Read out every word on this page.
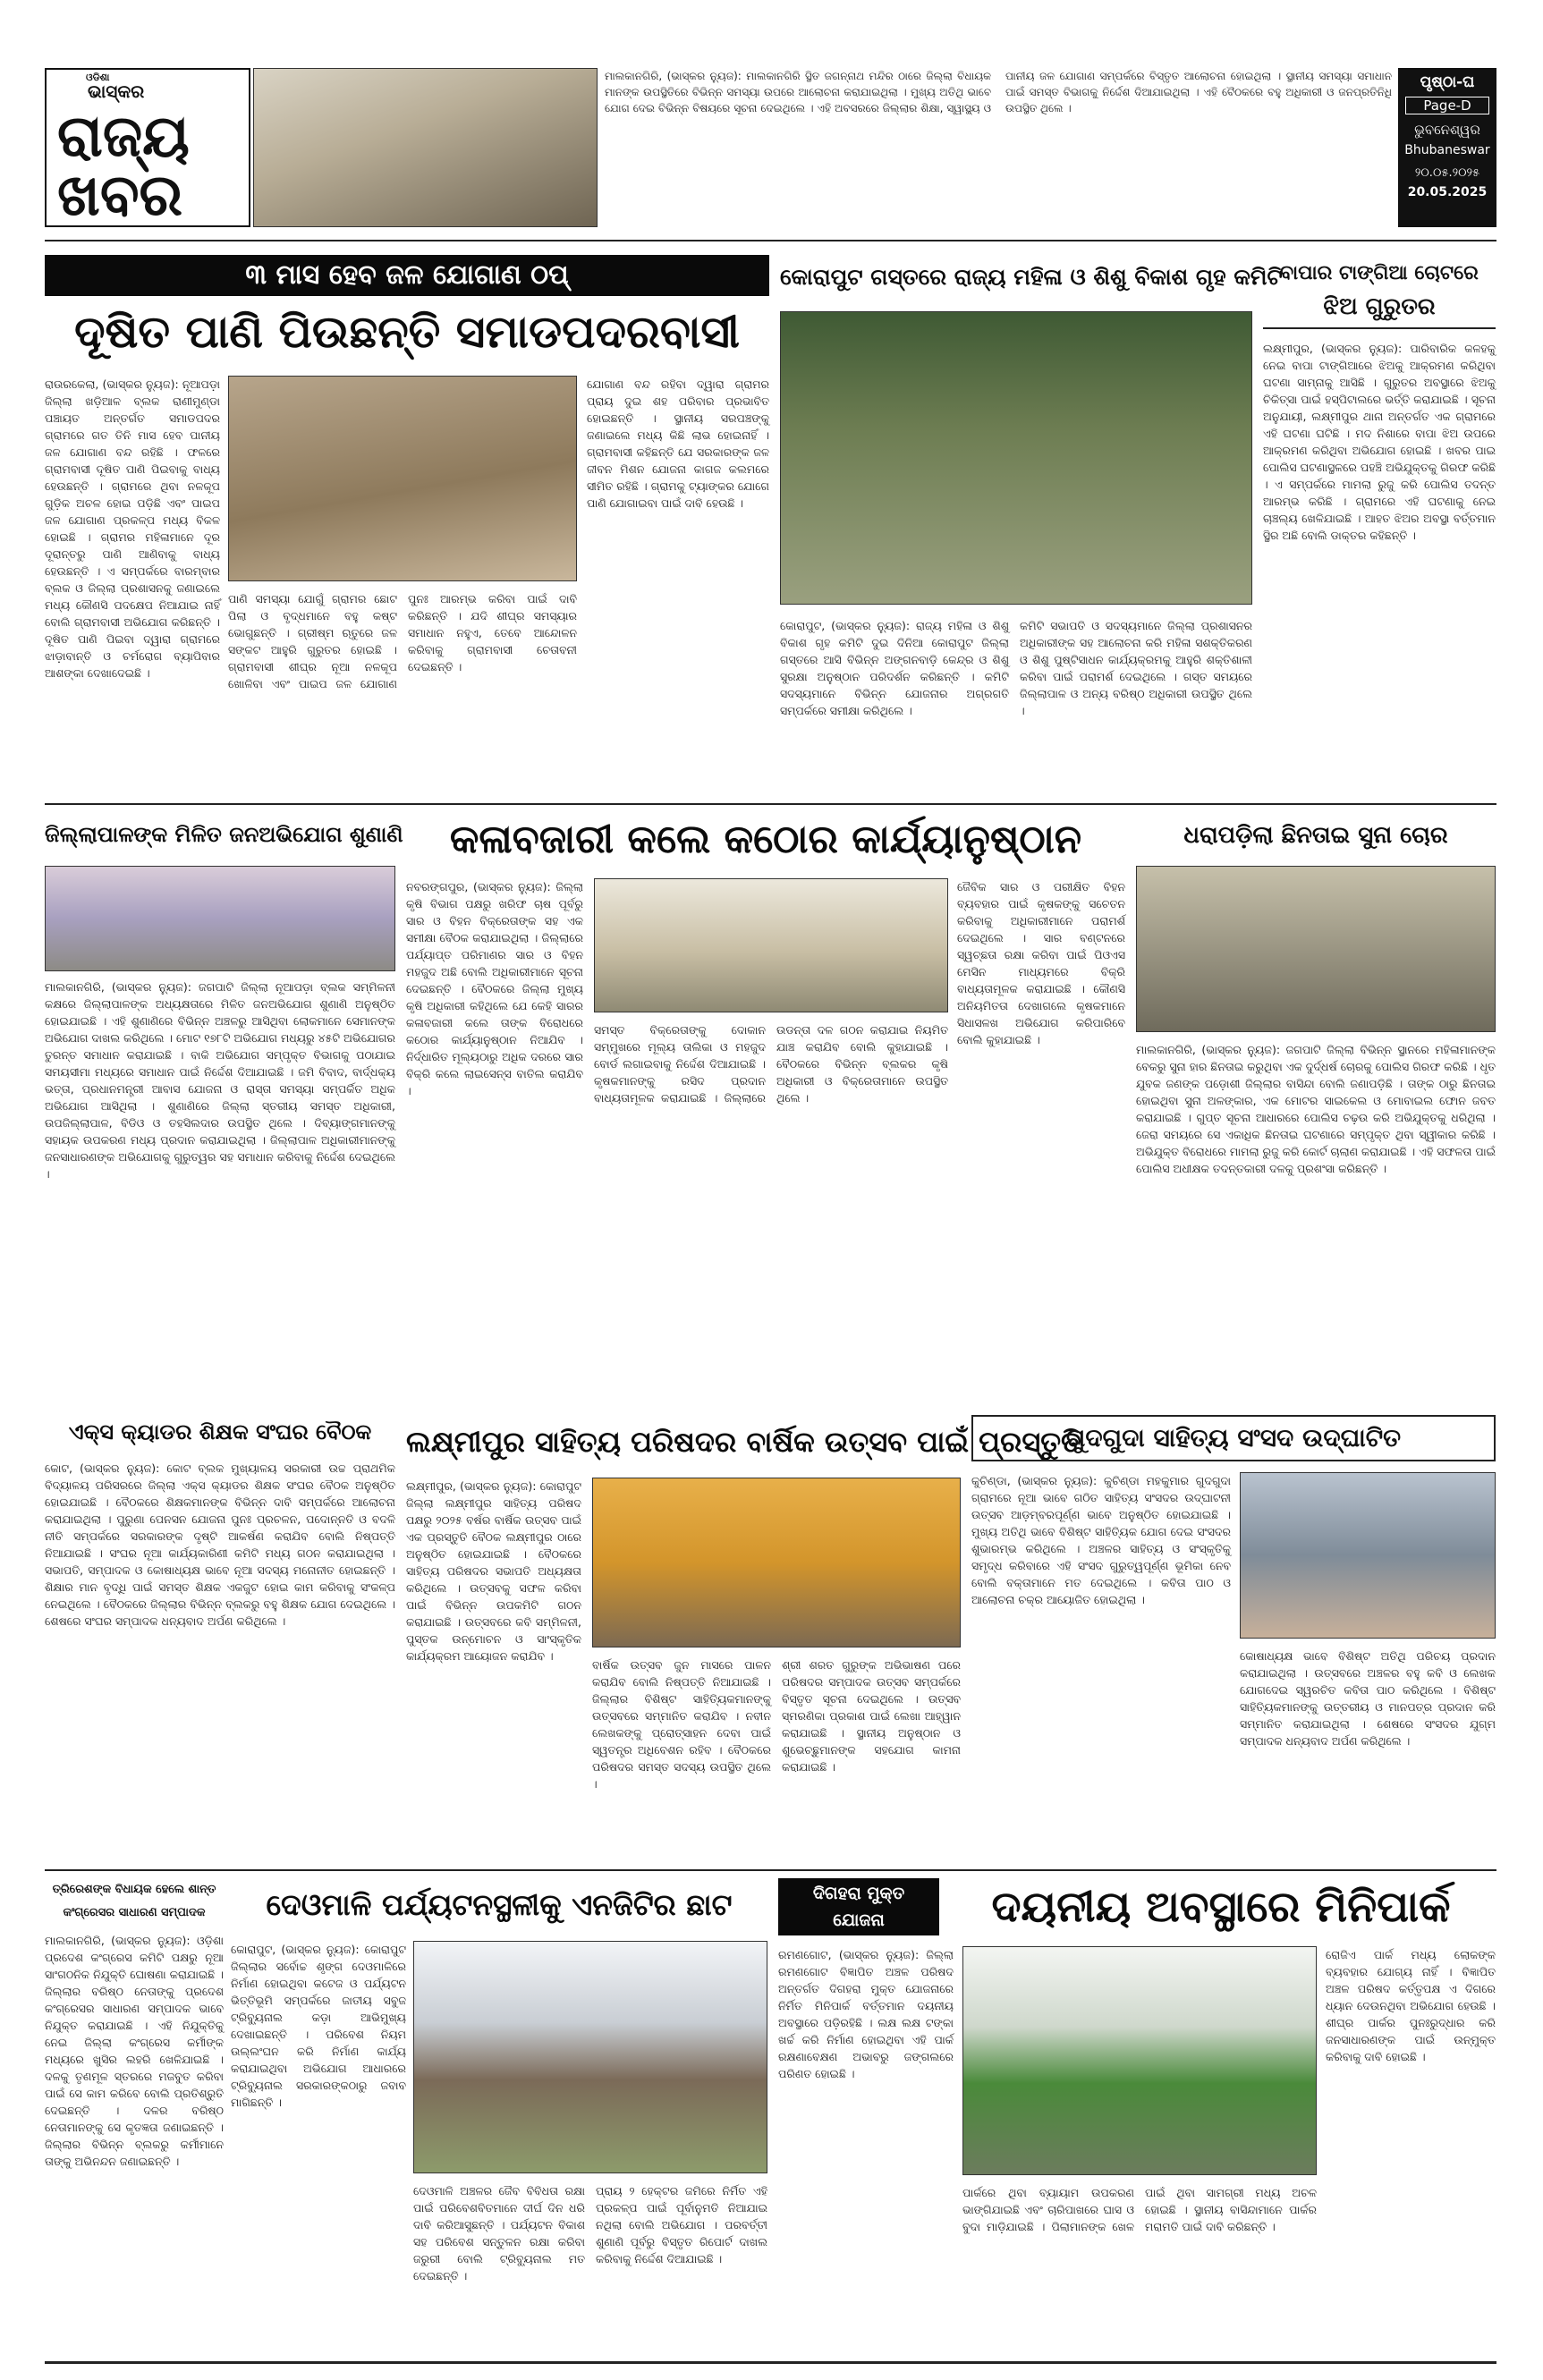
ଓଡିଶା
ଭାସ୍କର
ରାଜ୍ୟ
ଖବର
ମାଲକାନଗିରି, (ଭାସ୍କର ନ୍ୟୁଜ): ମାଲକାନଗିରି ସ୍ଥିତ ଜଗନ୍ନାଥ ମନ୍ଦିର ଠାରେ ଜିଲ୍ଲା ବିଧାୟକ ମାନଙ୍କ ଉପସ୍ଥିତିରେ ବିଭିନ୍ନ ସମସ୍ୟା ଉପରେ ଆଲୋଚନା କରାଯାଇଥିଲା । ମୁଖ୍ୟ ଅତିଥି ଭାବେ ଯୋଗ ଦେଇ ବିଭିନ୍ନ ବିଷୟରେ ସୂଚନା ଦେଇଥିଲେ । ଏହି ଅବସରରେ ଜିଲ୍ଲାର ଶିକ୍ଷା, ସ୍ୱାସ୍ଥ୍ୟ ଓ ପାନୀୟ ଜଳ ଯୋଗାଣ ସମ୍ପର୍କରେ ବିସ୍ତୃତ ଆଲୋଚନା ହୋଇଥିଲା । ସ୍ଥାନୀୟ ସମସ୍ୟା ସମାଧାନ ପାଇଁ ସମସ୍ତ ବିଭାଗକୁ ନିର୍ଦ୍ଦେଶ ଦିଆଯାଇଥିଲା । ଏହି ବୈଠକରେ ବହୁ ଅଧିକାରୀ ଓ ଜନପ୍ରତିନିଧି ଉପସ୍ଥିତ ଥିଲେ ।
ପୃଷ୍ଠା-ଘ
Page-D
ଭୁବନେଶ୍ୱର
Bhubaneswar
୨୦.୦୫.୨୦୨୫
20.05.2025
୩ ମାସ ହେବ ଜଳ ଯୋଗାଣ ଠପ୍
ଦୂଷିତ ପାଣି ପିଉଛନ୍ତି ସମାଡପଦରବାସୀ
ରାଉରକେଲା, (ଭାସ୍କର ନ୍ୟୁଜ): ନୂଆପଡ଼ା ଜିଲ୍ଲା ଖଡ଼ିଆଳ ବ୍ଲକ ରାଣୀମୁଣ୍ଡା ପଞ୍ଚାୟତ ଅନ୍ତର୍ଗତ ସମାଡପଦର ଗ୍ରାମରେ ଗତ ତିନି ମାସ ହେବ ପାନୀୟ ଜଳ ଯୋଗାଣ ବନ୍ଦ ରହିଛି । ଫଳରେ ଗ୍ରାମବାସୀ ଦୂଷିତ ପାଣି ପିଇବାକୁ ବାଧ୍ୟ ହେଉଛନ୍ତି । ଗ୍ରାମରେ ଥିବା ନଳକୂପ ଗୁଡ଼ିକ ଅଚଳ ହୋଇ ପଡ଼ିଛି ଏବଂ ପାଇପ ଜଳ ଯୋଗାଣ ପ୍ରକଳ୍ପ ମଧ୍ୟ ବିକଳ ହୋଇଛି । ଗ୍ରାମର ମହିଳାମାନେ ଦୂର ଦୂରାନ୍ତରୁ ପାଣି ଆଣିବାକୁ ବାଧ୍ୟ ହେଉଛନ୍ତି । ଏ ସମ୍ପର୍କରେ ବାରମ୍ବାର ବ୍ଲକ ଓ ଜିଲ୍ଲା ପ୍ରଶାସନକୁ ଜଣାଇଲେ ମଧ୍ୟ କୌଣସି ପଦକ୍ଷେପ ନିଆଯାଇ ନାହିଁ ବୋଲି ଗ୍ରାମବାସୀ ଅଭିଯୋଗ କରିଛନ୍ତି । ଦୂଷିତ ପାଣି ପିଇବା ଦ୍ୱାରା ଗ୍ରାମରେ ଝାଡ଼ାବାନ୍ତି ଓ ଚର୍ମରୋଗ ବ୍ୟାପିବାର ଆଶଙ୍କା ଦେଖାଦେଇଛି ।
ପାଣି ସମସ୍ୟା ଯୋଗୁଁ ଗ୍ରାମର ଛୋଟ ପିଲା ଓ ବୃଦ୍ଧମାନେ ବହୁ କଷ୍ଟ ଭୋଗୁଛନ୍ତି । ଗ୍ରୀଷ୍ମ ଋତୁରେ ଜଳ ସଙ୍କଟ ଆହୁରି ଗୁରୁତର ହୋଇଛି । ଗ୍ରାମବାସୀ ଶୀଘ୍ର ନୂଆ ନଳକୂପ ଖୋଳିବା ଏବଂ ପାଇପ ଜଳ ଯୋଗାଣ ପୁନଃ ଆରମ୍ଭ କରିବା ପାଇଁ ଦାବି କରିଛନ୍ତି । ଯଦି ଶୀଘ୍ର ସମସ୍ୟାର ସମାଧାନ ନହୁଏ, ତେବେ ଆନ୍ଦୋଳନ କରିବାକୁ ଗ୍ରାମବାସୀ ଚେତାବନୀ ଦେଇଛନ୍ତି ।
ଯୋଗାଣ ବନ୍ଦ ରହିବା ଦ୍ୱାରା ଗ୍ରାମର ପ୍ରାୟ ଦୁଇ ଶହ ପରିବାର ପ୍ରଭାବିତ ହୋଇଛନ୍ତି । ସ୍ଥାନୀୟ ସରପଞ୍ଚଙ୍କୁ ଜଣାଇଲେ ମଧ୍ୟ କିଛି ଲାଭ ହୋଇନାହିଁ । ଗ୍ରାମବାସୀ କହିଛନ୍ତି ଯେ ସରକାରଙ୍କ ଜଳ ଜୀବନ ମିଶନ ଯୋଜନା କାଗଜ କଲମରେ ସୀମିତ ରହିଛି । ଗ୍ରାମକୁ ଟ୍ୟାଙ୍କର ଯୋଗେ ପାଣି ଯୋଗାଇବା ପାଇଁ ଦାବି ହେଉଛି ।
କୋରାପୁଟ ଗସ୍ତରେ ରାଜ୍ୟ ମହିଳା ଓ ଶିଶୁ ବିକାଶ ଗୃହ କମିଟି
କୋରାପୁଟ, (ଭାସ୍କର ନ୍ୟୁଜ): ରାଜ୍ୟ ମହିଳା ଓ ଶିଶୁ ବିକାଶ ଗୃହ କମିଟି ଦୁଇ ଦିନିଆ କୋରାପୁଟ ଜିଲ୍ଲା ଗସ୍ତରେ ଆସି ବିଭିନ୍ନ ଅଙ୍ଗନବାଡ଼ି କେନ୍ଦ୍ର ଓ ଶିଶୁ ସୁରକ୍ଷା ଅନୁଷ୍ଠାନ ପରିଦର୍ଶନ କରିଛନ୍ତି । କମିଟି ସଦସ୍ୟମାନେ ବିଭିନ୍ନ ଯୋଜନାର ଅଗ୍ରଗତି ସମ୍ପର୍କରେ ସମୀକ୍ଷା କରିଥିଲେ ।
କମିଟି ସଭାପତି ଓ ସଦସ୍ୟମାନେ ଜିଲ୍ଲା ପ୍ରଶାସନର ଅଧିକାରୀଙ୍କ ସହ ଆଲୋଚନା କରି ମହିଳା ସଶକ୍ତିକରଣ ଓ ଶିଶୁ ପୁଷ୍ଟିସାଧନ କାର୍ଯ୍ୟକ୍ରମକୁ ଆହୁରି ଶକ୍ତିଶାଳୀ କରିବା ପାଇଁ ପରାମର୍ଶ ଦେଇଥିଲେ । ଗସ୍ତ ସମୟରେ ଜିଲ୍ଲାପାଳ ଓ ଅନ୍ୟ ବରିଷ୍ଠ ଅଧିକାରୀ ଉପସ୍ଥିତ ଥିଲେ ।
ବାପାର ଟାଙ୍ଗିଆ ଚୋଟରେ
ଝିଅ ଗୁରୁତର
ଲକ୍ଷ୍ମୀପୁର, (ଭାସ୍କର ନ୍ୟୁଜ): ପାରିବାରିକ କଳହକୁ ନେଇ ବାପା ଟାଙ୍ଗିଆରେ ଝିଅକୁ ଆକ୍ରମଣ କରିଥିବା ଘଟଣା ସାମ୍ନାକୁ ଆସିଛି । ଗୁରୁତର ଅବସ୍ଥାରେ ଝିଅକୁ ଚିକିତ୍ସା ପାଇଁ ହସ୍ପିଟାଲରେ ଭର୍ତ୍ତି କରାଯାଇଛି । ସୂଚନା ଅନୁଯାୟୀ, ଲକ୍ଷ୍ମୀପୁର ଥାନା ଅନ୍ତର୍ଗତ ଏକ ଗ୍ରାମରେ ଏହି ଘଟଣା ଘଟିଛି । ମଦ ନିଶାରେ ବାପା ଝିଅ ଉପରେ ଆକ୍ରମଣ କରିଥିବା ଅଭିଯୋଗ ହୋଇଛି । ଖବର ପାଇ ପୋଲିସ ଘଟଣାସ୍ଥଳରେ ପହଞ୍ଚି ଅଭିଯୁକ୍ତକୁ ଗିରଫ କରିଛି । ଏ ସମ୍ପର୍କରେ ମାମଲା ରୁଜୁ କରି ପୋଲିସ ତଦନ୍ତ ଆରମ୍ଭ କରିଛି । ଗ୍ରାମରେ ଏହି ଘଟଣାକୁ ନେଇ ଚାଞ୍ଚଲ୍ୟ ଖେଳିଯାଇଛି । ଆହତ ଝିଅର ଅବସ୍ଥା ବର୍ତ୍ତମାନ ସ୍ଥିର ଅଛି ବୋଲି ଡାକ୍ତର କହିଛନ୍ତି ।
ଜିଲ୍ଲାପାଳଙ୍କ ମିଳିତ ଜନଅଭିଯୋଗ ଶୁଣାଣି
ମାଲକାନଗିରି, (ଭାସ୍କର ନ୍ୟୁଜ): ଜଗପାଟି ଜିଲ୍ଲା ନୂଆପଡ଼ା ବ୍ଲକ ସମ୍ମିଳନୀ କକ୍ଷରେ ଜିଲ୍ଲାପାଳଙ୍କ ଅଧ୍ୟକ୍ଷତାରେ ମିଳିତ ଜନଅଭିଯୋଗ ଶୁଣାଣି ଅନୁଷ୍ଠିତ ହୋଇଯାଇଛି । ଏହି ଶୁଣାଣିରେ ବିଭିନ୍ନ ଅଞ୍ଚଳରୁ ଆସିଥିବା ଲୋକମାନେ ସେମାନଙ୍କ ଅଭିଯୋଗ ଦାଖଲ କରିଥିଲେ । ମୋଟ ୧୭୮ଟି ଅଭିଯୋଗ ମଧ୍ୟରୁ ୪୫ଟି ଅଭିଯୋଗର ତୁରନ୍ତ ସମାଧାନ କରାଯାଇଛି । ବାକି ଅଭିଯୋଗ ସମ୍ପୃକ୍ତ ବିଭାଗକୁ ପଠାଯାଇ ସମୟସୀମା ମଧ୍ୟରେ ସମାଧାନ ପାଇଁ ନିର୍ଦ୍ଦେଶ ଦିଆଯାଇଛି । ଜମି ବିବାଦ, ବାର୍ଦ୍ଧକ୍ୟ ଭତ୍ତା, ପ୍ରଧାନମନ୍ତ୍ରୀ ଆବାସ ଯୋଜନା ଓ ରାସ୍ତା ସମସ୍ୟା ସମ୍ପର୍କିତ ଅଧିକ ଅଭିଯୋଗ ଆସିଥିଲା । ଶୁଣାଣିରେ ଜିଲ୍ଲା ସ୍ତରୀୟ ସମସ୍ତ ଅଧିକାରୀ, ଉପଜିଲ୍ଲାପାଳ, ବିଡିଓ ଓ ତହସିଲଦାର ଉପସ୍ଥିତ ଥିଲେ । ଦିବ୍ୟାଙ୍ଗମାନଙ୍କୁ ସହାୟକ ଉପକରଣ ମଧ୍ୟ ପ୍ରଦାନ କରାଯାଇଥିଲା । ଜିଲ୍ଲାପାଳ ଅଧିକାରୀମାନଙ୍କୁ ଜନସାଧାରଣଙ୍କ ଅଭିଯୋଗକୁ ଗୁରୁତ୍ୱର ସହ ସମାଧାନ କରିବାକୁ ନିର୍ଦ୍ଦେଶ ଦେଇଥିଲେ ।
କଳାବଜାରୀ କଲେ କଠୋର କାର୍ଯ୍ୟାନୁଷ୍ଠାନ
ନବରଙ୍ଗପୁର, (ଭାସ୍କର ନ୍ୟୁଜ): ଜିଲ୍ଲା କୃଷି ବିଭାଗ ପକ୍ଷରୁ ଖରିଫ ଚାଷ ପୂର୍ବରୁ ସାର ଓ ବିହନ ବିକ୍ରେତାଙ୍କ ସହ ଏକ ସମୀକ୍ଷା ବୈଠକ କରାଯାଇଥିଲା । ଜିଲ୍ଲାରେ ପର୍ଯ୍ୟାପ୍ତ ପରିମାଣର ସାର ଓ ବିହନ ମହଜୁଦ ଅଛି ବୋଲି ଅଧିକାରୀମାନେ ସୂଚନା ଦେଇଛନ୍ତି । ବୈଠକରେ ଜିଲ୍ଲା ମୁଖ୍ୟ କୃଷି ଅଧିକାରୀ କହିଥିଲେ ଯେ କେହି ସାରର କଳାବଜାରୀ କଲେ ତାଙ୍କ ବିରୋଧରେ କଠୋର କାର୍ଯ୍ୟାନୁଷ୍ଠାନ ନିଆଯିବ । ନିର୍ଦ୍ଧାରିତ ମୂଲ୍ୟଠାରୁ ଅଧିକ ଦରରେ ସାର ବିକ୍ରି କଲେ ଲାଇସେନ୍ସ ବାତିଲ କରାଯିବ ।
ସମସ୍ତ ବିକ୍ରେତାଙ୍କୁ ଦୋକାନ ସମ୍ମୁଖରେ ମୂଲ୍ୟ ତାଲିକା ଓ ମହଜୁଦ ବୋର୍ଡ ଲଗାଇବାକୁ ନିର୍ଦ୍ଦେଶ ଦିଆଯାଇଛି । କୃଷକମାନଙ୍କୁ ରସିଦ ପ୍ରଦାନ ବାଧ୍ୟତାମୂଳକ କରାଯାଇଛି । ଜିଲ୍ଲାରେ ଉଡନ୍ତା ଦଳ ଗଠନ କରାଯାଇ ନିୟମିତ ଯାଞ୍ଚ କରାଯିବ ବୋଲି କୁହାଯାଇଛି । ବୈଠକରେ ବିଭିନ୍ନ ବ୍ଲକର କୃଷି ଅଧିକାରୀ ଓ ବିକ୍ରେତାମାନେ ଉପସ୍ଥିତ ଥିଲେ ।
ଜୈବିକ ସାର ଓ ପରୀକ୍ଷିତ ବିହନ ବ୍ୟବହାର ପାଇଁ କୃଷକଙ୍କୁ ସଚେତନ କରିବାକୁ ଅଧିକାରୀମାନେ ପରାମର୍ଶ ଦେଇଥିଲେ । ସାର ବଣ୍ଟନରେ ସ୍ୱଚ୍ଛତା ରକ୍ଷା କରିବା ପାଇଁ ପିଓଏସ ମେସିନ ମାଧ୍ୟମରେ ବିକ୍ରି ବାଧ୍ୟତାମୂଳକ କରାଯାଇଛି । କୌଣସି ଅନିୟମିତତା ଦେଖାଗଲେ କୃଷକମାନେ ସିଧାସଳଖ ଅଭିଯୋଗ କରିପାରିବେ ବୋଲି କୁହାଯାଇଛି ।
ଧରାପଡ଼ିଲା ଛିନତାଇ ସୁନା ଚୋର
ମାଲକାନଗିରି, (ଭାସ୍କର ନ୍ୟୁଜ): ଜଗପାଟି ଜିଲ୍ଲା ବିଭିନ୍ନ ସ୍ଥାନରେ ମହିଳାମାନଙ୍କ ବେକରୁ ସୁନା ହାର ଛିନତାଇ କରୁଥିବା ଏକ ଦୁର୍ଦ୍ଧର୍ଷ ଚୋରକୁ ପୋଲିସ ଗିରଫ କରିଛି । ଧୃତ ଯୁବକ ଜଣଙ୍କ ପଡ଼ୋଶୀ ଜିଲ୍ଲାର ବାସିନ୍ଦା ବୋଲି ଜଣାପଡ଼ିଛି । ତାଙ୍କ ଠାରୁ ଛିନତାଇ ହୋଇଥିବା ସୁନା ଅଳଙ୍କାର, ଏକ ମୋଟର ସାଇକେଲ ଓ ମୋବାଇଲ ଫୋନ ଜବତ କରାଯାଇଛି । ଗୁପ୍ତ ସୂଚନା ଆଧାରରେ ପୋଲିସ ଚଢ଼ଉ କରି ଅଭିଯୁକ୍ତକୁ ଧରିଥିଲା । ଜେରା ସମୟରେ ସେ ଏକାଧିକ ଛିନତାଇ ଘଟଣାରେ ସମ୍ପୃକ୍ତ ଥିବା ସ୍ୱୀକାର କରିଛି । ଅଭିଯୁକ୍ତ ବିରୋଧରେ ମାମଲା ରୁଜୁ କରି କୋର୍ଟ ଚାଲାଣ କରାଯାଇଛି । ଏହି ସଫଳତା ପାଇଁ ପୋଲିସ ଅଧୀକ୍ଷକ ତଦନ୍ତକାରୀ ଦଳକୁ ପ୍ରଶଂସା କରିଛନ୍ତି ।
ଏକ୍ସ କ୍ୟାଡର ଶିକ୍ଷକ ସଂଘର ବୈଠକ
କୋଟ, (ଭାସ୍କର ନ୍ୟୁଜ): କୋଟ ବ୍ଲକ ମୁଖ୍ୟାଳୟ ସରକାରୀ ଉଚ୍ଚ ପ୍ରାଥମିକ ବିଦ୍ୟାଳୟ ପରିସରରେ ଜିଲ୍ଲା ଏକ୍ସ କ୍ୟାଡର ଶିକ୍ଷକ ସଂଘର ବୈଠକ ଅନୁଷ୍ଠିତ ହୋଇଯାଇଛି । ବୈଠକରେ ଶିକ୍ଷକମାନଙ୍କ ବିଭିନ୍ନ ଦାବି ସମ୍ପର୍କରେ ଆଲୋଚନା କରାଯାଇଥିଲା । ପୁରୁଣା ପେନସନ ଯୋଜନା ପୁନଃ ପ୍ରଚଳନ, ପଦୋନ୍ନତି ଓ ବଦଳି ନୀତି ସମ୍ପର୍କରେ ସରକାରଙ୍କ ଦୃଷ୍ଟି ଆକର୍ଷଣ କରାଯିବ ବୋଲି ନିଷ୍ପତ୍ତି ନିଆଯାଇଛି । ସଂଘର ନୂଆ କାର୍ଯ୍ୟକାରିଣୀ କମିଟି ମଧ୍ୟ ଗଠନ କରାଯାଇଥିଲା । ସଭାପତି, ସମ୍ପାଦକ ଓ କୋଷାଧ୍ୟକ୍ଷ ଭାବେ ନୂଆ ସଦସ୍ୟ ମନୋନୀତ ହୋଇଛନ୍ତି । ଶିକ୍ଷାର ମାନ ବୃଦ୍ଧି ପାଇଁ ସମସ୍ତ ଶିକ୍ଷକ ଏକଜୁଟ ହୋଇ କାମ କରିବାକୁ ସଂକଳ୍ପ ନେଇଥିଲେ । ବୈଠକରେ ଜିଲ୍ଲାର ବିଭିନ୍ନ ବ୍ଲକରୁ ବହୁ ଶିକ୍ଷକ ଯୋଗ ଦେଇଥିଲେ । ଶେଷରେ ସଂଘର ସମ୍ପାଦକ ଧନ୍ୟବାଦ ଅର୍ପଣ କରିଥିଲେ ।
ଲକ୍ଷ୍ମୀପୁର ସାହିତ୍ୟ ପରିଷଦର ବାର୍ଷିକ ଉତ୍ସବ ପାଇଁ ପ୍ରସ୍ତୁତି
ଲକ୍ଷ୍ମୀପୁର, (ଭାସ୍କର ନ୍ୟୁଜ): କୋରାପୁଟ ଜିଲ୍ଲା ଲକ୍ଷ୍ମୀପୁର ସାହିତ୍ୟ ପରିଷଦ ପକ୍ଷରୁ ୨୦୨୫ ବର୍ଷର ବାର୍ଷିକ ଉତ୍ସବ ପାଇଁ ଏକ ପ୍ରସ୍ତୁତି ବୈଠକ ଲକ୍ଷ୍ମୀପୁର ଠାରେ ଅନୁଷ୍ଠିତ ହୋଇଯାଇଛି । ବୈଠକରେ ସାହିତ୍ୟ ପରିଷଦର ସଭାପତି ଅଧ୍ୟକ୍ଷତା କରିଥିଲେ । ଉତ୍ସବକୁ ସଫଳ କରିବା ପାଇଁ ବିଭିନ୍ନ ଉପକମିଟି ଗଠନ କରାଯାଇଛି । ଉତ୍ସବରେ କବି ସମ୍ମିଳନୀ, ପୁସ୍ତକ ଉନ୍ମୋଚନ ଓ ସାଂସ୍କୃତିକ କାର୍ଯ୍ୟକ୍ରମ ଆୟୋଜନ କରାଯିବ ।
ବାର୍ଷିକ ଉତ୍ସବ ଜୁନ ମାସରେ ପାଳନ କରାଯିବ ବୋଲି ନିଷ୍ପତ୍ତି ନିଆଯାଇଛି । ଜିଲ୍ଲାର ବିଶିଷ୍ଟ ସାହିତ୍ୟିକମାନଙ୍କୁ ଉତ୍ସବରେ ସମ୍ମାନିତ କରାଯିବ । ନବୀନ ଲେଖକଙ୍କୁ ପ୍ରୋତ୍ସାହନ ଦେବା ପାଇଁ ସ୍ୱତନ୍ତ୍ର ଅଧିବେଶନ ରହିବ । ବୈଠକରେ ପରିଷଦର ସମସ୍ତ ସଦସ୍ୟ ଉପସ୍ଥିତ ଥିଲେ ।
ଶ୍ରୀ ଶରତ ଗୁରୁଙ୍କ ଅଭିଭାଷଣ ପରେ ପରିଷଦର ସମ୍ପାଦକ ଉତ୍ସବ ସମ୍ପର୍କରେ ବିସ୍ତୃତ ସୂଚନା ଦେଇଥିଲେ । ଉତ୍ସବ ସ୍ମରଣିକା ପ୍ରକାଶ ପାଇଁ ଲେଖା ଆହ୍ୱାନ କରାଯାଇଛି । ସ୍ଥାନୀୟ ଅନୁଷ୍ଠାନ ଓ ଶୁଭେଚ୍ଛୁମାନଙ୍କ ସହଯୋଗ କାମନା କରାଯାଇଛି ।
ଗୁଦଗୁଦା ସାହିତ୍ୟ ସଂସଦ ଉଦ୍‌ଘାଟିତ
କୁଚିଣ୍ଡା, (ଭାସ୍କର ନ୍ୟୁଜ): କୁଚିଣ୍ଡା ମହକୁମାର ଗୁଦଗୁଦା ଗ୍ରାମରେ ନୂଆ ଭାବେ ଗଠିତ ସାହିତ୍ୟ ସଂସଦର ଉଦ୍‌ଘାଟନୀ ଉତ୍ସବ ଆଡ଼ମ୍ବରପୂର୍ଣ୍ଣ ଭାବେ ଅନୁଷ୍ଠିତ ହୋଇଯାଇଛି । ମୁଖ୍ୟ ଅତିଥି ଭାବେ ବିଶିଷ୍ଟ ସାହିତ୍ୟିକ ଯୋଗ ଦେଇ ସଂସଦର ଶୁଭାରମ୍ଭ କରିଥିଲେ । ଅଞ୍ଚଳର ସାହିତ୍ୟ ଓ ସଂସ୍କୃତିକୁ ସମୃଦ୍ଧ କରିବାରେ ଏହି ସଂସଦ ଗୁରୁତ୍ୱପୂର୍ଣ୍ଣ ଭୂମିକା ନେବ ବୋଲି ବକ୍ତାମାନେ ମତ ଦେଇଥିଲେ । କବିତା ପାଠ ଓ ଆଲୋଚନା ଚକ୍ର ଆୟୋଜିତ ହୋଇଥିଲା ।
କୋଷାଧ୍ୟକ୍ଷ ଭାବେ ବିଶିଷ୍ଟ ଅତିଥି ପରିଚୟ ପ୍ରଦାନ କରାଯାଇଥିଲା । ଉତ୍ସବରେ ଅଞ୍ଚଳର ବହୁ କବି ଓ ଲେଖକ ଯୋଗଦେଇ ସ୍ୱରଚିତ କବିତା ପାଠ କରିଥିଲେ । ବିଶିଷ୍ଟ ସାହିତ୍ୟିକମାନଙ୍କୁ ଉତ୍ତରୀୟ ଓ ମାନପତ୍ର ପ୍ରଦାନ କରି ସମ୍ମାନିତ କରାଯାଇଥିଲା । ଶେଷରେ ସଂସଦର ଯୁଗ୍ମ ସମ୍ପାଦକ ଧନ୍ୟବାଦ ଅର୍ପଣ କରିଥିଲେ ।
ତ୍ରିରେଶଙ୍କ ବିଧାୟକ ହେଲେ ଶାନ୍ତ
କଂଗ୍ରେସର ସାଧାରଣ ସମ୍ପାଦକ
ମାଲକାନଗିରି, (ଭାସ୍କର ନ୍ୟୁଜ): ଓଡ଼ିଶା ପ୍ରଦେଶ କଂଗ୍ରେସ କମିଟି ପକ୍ଷରୁ ନୂଆ ସାଂଗଠନିକ ନିଯୁକ୍ତି ଘୋଷଣା କରାଯାଇଛି । ଜିଲ୍ଲାର ବରିଷ୍ଠ ନେତାଙ୍କୁ ପ୍ରଦେଶ କଂଗ୍ରେସର ସାଧାରଣ ସମ୍ପାଦକ ଭାବେ ନିଯୁକ୍ତ କରାଯାଇଛି । ଏହି ନିଯୁକ୍ତିକୁ ନେଇ ଜିଲ୍ଲା କଂଗ୍ରେସ କର୍ମୀଙ୍କ ମଧ୍ୟରେ ଖୁସିର ଲହରି ଖେଳିଯାଇଛି । ଦଳକୁ ତୃଣମୂଳ ସ୍ତରରେ ମଜବୁତ କରିବା ପାଇଁ ସେ କାମ କରିବେ ବୋଲି ପ୍ରତିଶ୍ରୁତି ଦେଇଛନ୍ତି । ଦଳର ବରିଷ୍ଠ ନେତାମାନଙ୍କୁ ସେ କୃତଜ୍ଞତା ଜଣାଇଛନ୍ତି । ଜିଲ୍ଲାର ବିଭିନ୍ନ ବ୍ଲକରୁ କର୍ମୀମାନେ ତାଙ୍କୁ ଅଭିନନ୍ଦନ ଜଣାଇଛନ୍ତି ।
ଦେଓମାଳି ପର୍ଯ୍ୟଟନସ୍ଥଳୀକୁ ଏନଜିଟିର ଛାଟ
କୋରାପୁଟ, (ଭାସ୍କର ନ୍ୟୁଜ): କୋରାପୁଟ ଜିଲ୍ଲାର ସର୍ବୋଚ୍ଚ ଶୃଙ୍ଗ ଦେଓମାଳିରେ ନିର୍ମାଣ ହୋଇଥିବା କଟେଜ ଓ ପର୍ଯ୍ୟଟନ ଭିତ୍ତିଭୂମି ସମ୍ପର୍କରେ ଜାତୀୟ ସବୁଜ ଟ୍ରିବ୍ୟୁନାଲ କଡ଼ା ଆଭିମୁଖ୍ୟ ଦେଖାଇଛନ୍ତି । ପରିବେଶ ନିୟମ ଉଲ୍ଲଂଘନ କରି ନିର୍ମାଣ କାର୍ଯ୍ୟ କରାଯାଇଥିବା ଅଭିଯୋଗ ଆଧାରରେ ଟ୍ରିବ୍ୟୁନାଲ ସରକାରଙ୍କଠାରୁ ଜବାବ ମାଗିଛନ୍ତି ।
ଦେଓମାଳି ଅଞ୍ଚଳର ଜୈବ ବିବିଧତା ରକ୍ଷା ପାଇଁ ପରିବେଶବିତମାନେ ଦୀର୍ଘ ଦିନ ଧରି ଦାବି କରିଆସୁଛନ୍ତି । ପର୍ଯ୍ୟଟନ ବିକାଶ ସହ ପରିବେଶ ସନ୍ତୁଳନ ରକ୍ଷା କରିବା ଜରୁରୀ ବୋଲି ଟ୍ରିବ୍ୟୁନାଲ ମତ ଦେଇଛନ୍ତି ।
ପ୍ରାୟ ୨ ହେକ୍ଟର ଜମିରେ ନିର୍ମିତ ଏହି ପ୍ରକଳ୍ପ ପାଇଁ ପୂର୍ବାନୁମତି ନିଆଯାଇ ନଥିଲା ବୋଲି ଅଭିଯୋଗ । ପରବର୍ତ୍ତୀ ଶୁଣାଣି ପୂର୍ବରୁ ବିସ୍ତୃତ ରିପୋର୍ଟ ଦାଖଲ କରିବାକୁ ନିର୍ଦ୍ଦେଶ ଦିଆଯାଇଛି ।
ଦିଗହରା ମୁକ୍ତ
ଯୋଜନା	ଦୟନୀୟ ଅବସ୍ଥାରେ ମିନିପାର୍କ
ରମଣଗୋଟ, (ଭାସ୍କର ନ୍ୟୁଜ): ଜିଲ୍ଲା ରମଣଗୋଟ ବିଜ୍ଞାପିତ ଅଞ୍ଚଳ ପରିଷଦ ଅନ୍ତର୍ଗତ ଦିଗହରା ମୁକ୍ତ ଯୋଜନାରେ ନିର୍ମିତ ମିନିପାର୍କ ବର୍ତ୍ତମାନ ଦୟନୀୟ ଅବସ୍ଥାରେ ପଡ଼ିରହିଛି । ଲକ୍ଷ ଲକ୍ଷ ଟଙ୍କା ଖର୍ଚ୍ଚ କରି ନିର୍ମାଣ ହୋଇଥିବା ଏହି ପାର୍କ ରକ୍ଷଣାବେକ୍ଷଣ ଅଭାବରୁ ଜଙ୍ଗଲରେ ପରିଣତ ହୋଇଛି ।
ପାର୍କରେ ଥିବା ବ୍ୟାୟାମ ଉପକରଣ ଭାଙ୍ଗିଯାଇଛି ଏବଂ ଚାରିପାଖରେ ଘାସ ଓ ବୁଦା ମାଡ଼ିଯାଇଛି । ପିଲାମାନଙ୍କ ଖେଳ ପାଇଁ ଥିବା ସାମଗ୍ରୀ ମଧ୍ୟ ଅଚଳ ହୋଇଛି । ସ୍ଥାନୀୟ ବାସିନ୍ଦାମାନେ ପାର୍କର ମରାମତି ପାଇଁ ଦାବି କରିଛନ୍ତି ।
ରୋଜିଏ ପାର୍କ ମଧ୍ୟ ଲୋକଙ୍କ ବ୍ୟବହାର ଯୋଗ୍ୟ ନାହିଁ । ବିଜ୍ଞାପିତ ଅଞ୍ଚଳ ପରିଷଦ କର୍ତ୍ତୃପକ୍ଷ ଏ ଦିଗରେ ଧ୍ୟାନ ଦେଉନଥିବା ଅଭିଯୋଗ ହେଉଛି । ଶୀଘ୍ର ପାର୍କର ପୁନଃରୁଦ୍ଧାର କରି ଜନସାଧାରଣଙ୍କ ପାଇଁ ଉନ୍ମୁକ୍ତ କରିବାକୁ ଦାବି ହୋଇଛି ।
